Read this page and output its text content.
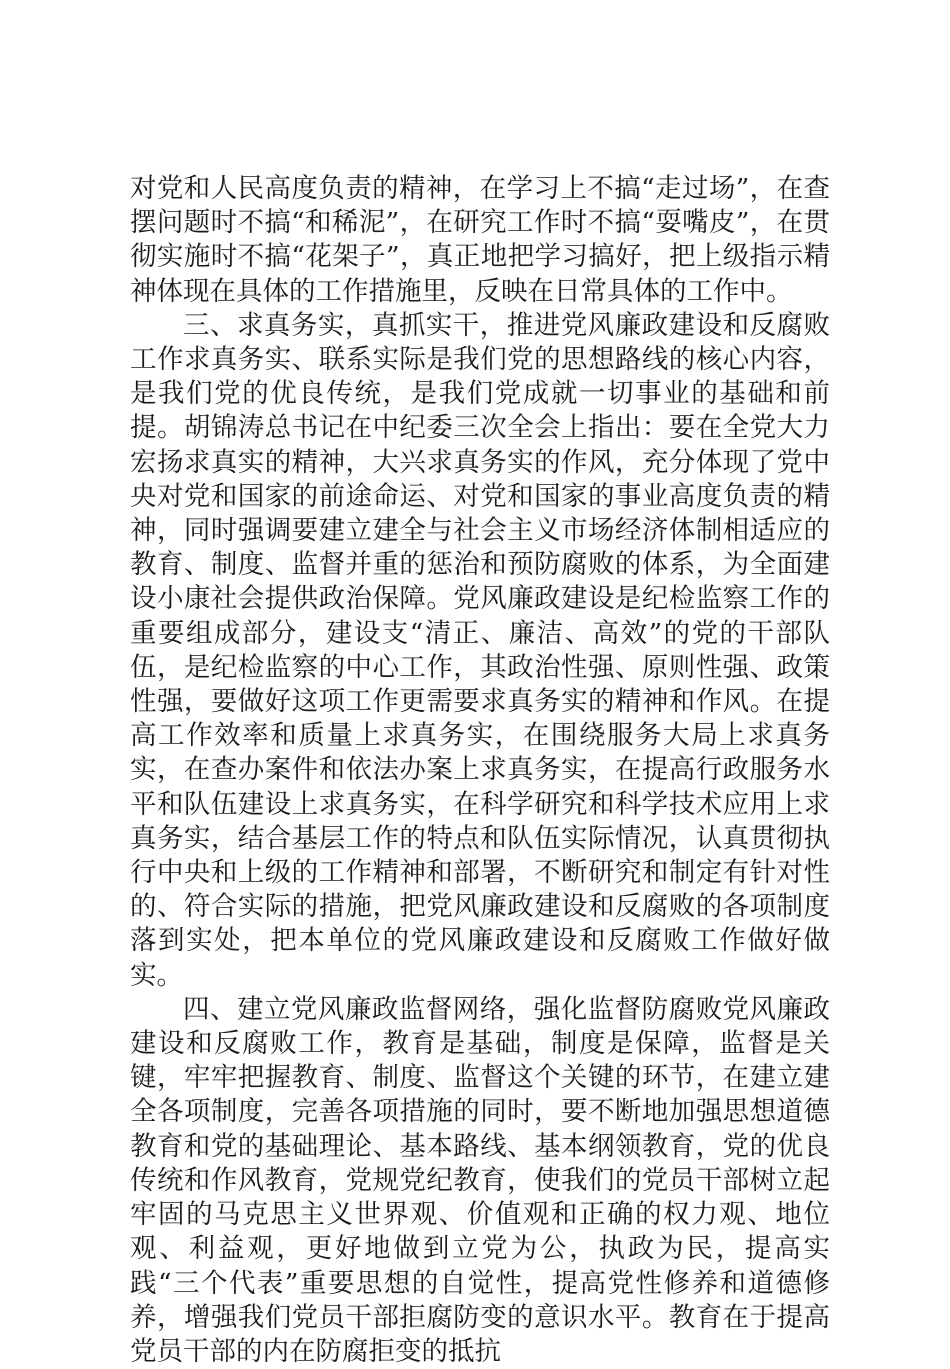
对党和人民高度负责的精神，在学习上不搞“走过场”，在查摆问题时不搞“和稀泥”，在研究工作时不搞“耍嘴皮”，在贯彻实施时不搞“花架子”，真正地把学习搞好，把上级指示精神体现在具体的工作措施里，反映在日常具体的工作中。

三、求真务实，真抓实干，推进党风廉政建设和反腐败工作求真务实、联系实际是我们党的思想路线的核心内容，是我们党的优良传统，是我们党成就一切事业的基础和前提。胡锦涛总书记在中纪委三次全会上指出：要在全党大力宏扬求真实的精神，大兴求真务实的作风，充分体现了党中央对党和国家的前途命运、对党和国家的事业高度负责的精神，同时强调要建立建全与社会主义市场经济体制相适应的教育、制度、监督并重的惩治和预防腐败的体系，为全面建设小康社会提供政治保障。党风廉政建设是纪检监察工作的重要组成部分，建设支“清正、廉洁、高效”的党的干部队伍，是纪检监察的中心工作，其政治性强、原则性强、政策性强，要做好这项工作更需要求真务实的精神和作风。在提高工作效率和质量上求真务实，在围绕服务大局上求真务实，在查办案件和依法办案上求真务实，在提高行政服务水平和队伍建设上求真务实，在科学研究和科学技术应用上求真务实，结合基层工作的特点和队伍实际情况，认真贯彻执行中央和上级的工作精神和部署，不断研究和制定有针对性的、符合实际的措施，把党风廉政建设和反腐败的各项制度落到实处，把本单位的党风廉政建设和反腐败工作做好做实。

四、建立党风廉政监督网络，强化监督防腐败党风廉政建设和反腐败工作，教育是基础，制度是保障，监督是关键，牢牢把握教育、制度、监督这个关键的环节，在建立建全各项制度，完善各项措施的同时，要不断地加强思想道德教育和党的基础理论、基本路线、基本纲领教育，党的优良传统和作风教育，党规党纪教育，使我们的党员干部树立起牢固的马克思主义世界观、价值观和正确的权力观、地位观、利益观，更好地做到立党为公，执政为民，提高实践“三个代表”重要思想的自觉性，提高党性修养和道德修养，增强我们党员干部拒腐防变的意识水平。教育在于提高党员干部的内在防腐拒变的抵抗
